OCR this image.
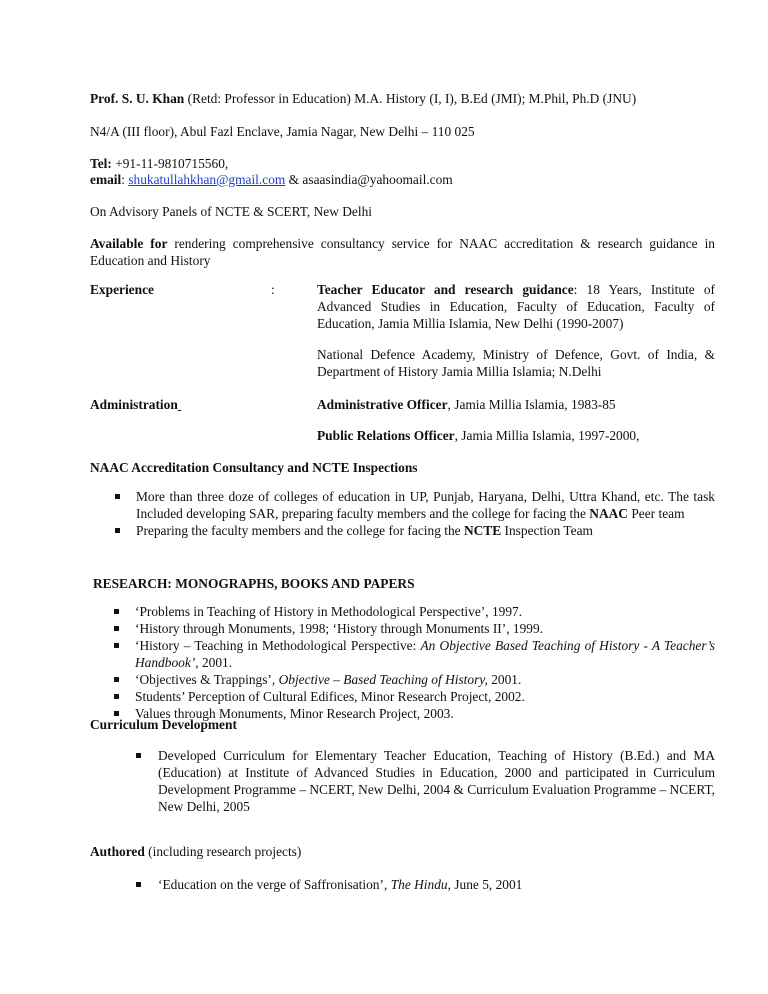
Prof. S. U. Khan (Retd: Professor in Education) M.A. History (I, I), B.Ed (JMI); M.Phil, Ph.D (JNU)
N4/A (III floor), Abul Fazl Enclave, Jamia Nagar, New Delhi – 110 025
Tel: +91-11-9810715560,
email: shukatullahkhan@gmail.com & asaasindia@yahoomail.com
On Advisory Panels of NCTE & SCERT, New Delhi
Available for rendering comprehensive consultancy service for NAAC accreditation & research guidance in Education and History
Experience	:	Teacher Educator and research guidance: 18 Years, Institute of Advanced Studies in Education, Faculty of Education, Faculty of Education, Jamia Millia Islamia, New Delhi (1990-2007)
National Defence Academy, Ministry of Defence, Govt. of India, & Department of History Jamia Millia Islamia; N.Delhi
Administration	Administrative Officer, Jamia Millia Islamia, 1983-85
Public Relations Officer, Jamia Millia Islamia, 1997-2000,
NAAC Accreditation Consultancy and NCTE Inspections
More than three doze of colleges of education in UP, Punjab, Haryana, Delhi, Uttra Khand, etc. The task Included developing SAR, preparing faculty members and the college for facing the NAAC Peer team
Preparing the faculty members and the college for facing the NCTE Inspection Team
RESEARCH: MONOGRAPHS, BOOKS AND PAPERS
‘Problems in Teaching of History in Methodological Perspective’, 1997.
‘History through Monuments, 1998; ‘History through Monuments II’, 1999.
‘History – Teaching in Methodological Perspective: An Objective Based Teaching of History - A Teacher’s Handbook’, 2001.
‘Objectives & Trappings’, Objective – Based Teaching of History, 2001.
Students’ Perception of Cultural Edifices, Minor Research Project, 2002.
Values through Monuments, Minor Research Project, 2003.
Curriculum Development
Developed Curriculum for Elementary Teacher Education, Teaching of History (B.Ed.) and MA (Education) at Institute of Advanced Studies in Education, 2000 and participated in Curriculum Development Programme – NCERT, New Delhi, 2004 & Curriculum Evaluation Programme – NCERT, New Delhi, 2005
Authored (including research projects)
‘Education on the verge of Saffronisation’, The Hindu, June 5, 2001
